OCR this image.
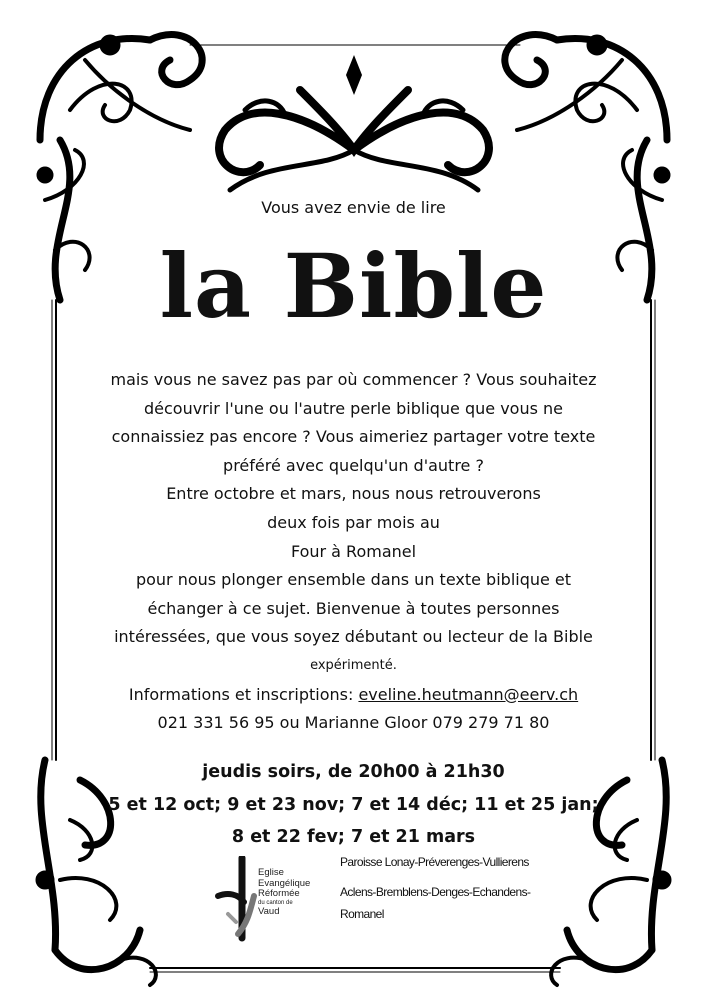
Vous avez envie de lire
la Bible
mais vous ne savez pas par où commencer ? Vous souhaitez
découvrir l'une ou l'autre perle biblique que vous ne
connaissiez pas encore ? Vous aimeriez partager votre texte
préféré avec quelqu'un d'autre ?
Entre octobre et mars, nous nous retrouverons
deux fois par mois au
Four à Romanel
pour nous plonger ensemble dans un texte biblique et
échanger à ce sujet. Bienvenue à toutes personnes
intéressées, que vous soyez débutant ou lecteur de la Bible
expérimenté.
Informations et inscriptions: eveline.heutmann@eerv.ch
021 331 56 95 ou Marianne Gloor 079 279 71 80
jeudis soirs, de 20h00 à 21h30
5 et 12 oct; 9 et 23 nov; 7 et 14 déc; 11 et 25 jan;
8 et 22 fev; 7 et 21 mars
Eglise
Evangélique
Réformée
du canton de
Vaud
Paroisse Lonay-Préverenges-Vullierens
Aclens-Bremblens-Denges-Echandens-
Romanel
